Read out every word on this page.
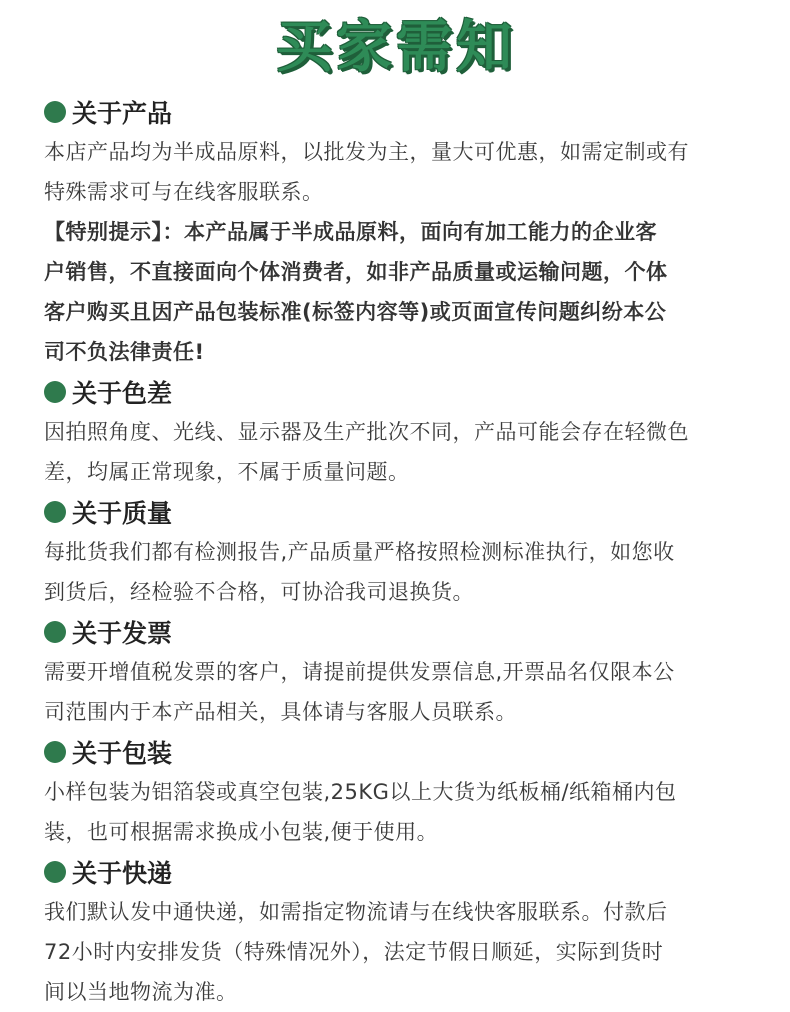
买家需知
关于产品

本店产品均为半成品原料，以批发为主，量大可优惠，如需定制或有
特殊需求可与在线客服联系。

【特别提示】：本产品属于半成品原料，面向有加工能力的企业客
户销售，不直接面向个体消费者，如非产品质量或运输问题，个体
客户购买且因产品包装标准(标签内容等)或页面宣传问题纠纷本公
司不负法律责任!

关于色差

因拍照角度、光线、显示器及生产批次不同，产品可能会存在轻微色
差，均属正常现象，不属于质量问题。

关于质量

每批货我们都有检测报告,产品质量严格按照检测标准执行，如您收
到货后，经检验不合格，可协洽我司退换货。

关于发票

需要开增值税发票的客户，请提前提供发票信息,开票品名仅限本公
司范围内于本产品相关，具体请与客服人员联系。

关于包装

小样包装为铝箔袋或真空包装,25KG以上大货为纸板桶/纸箱桶内包
装，也可根据需求换成小包装,便于使用。

关于快递

我们默认发中通快递，如需指定物流请与在线快客服联系。付款后
72小时内安排发货（特殊情况外），法定节假日顺延，实际到货时
间以当地物流为准。
